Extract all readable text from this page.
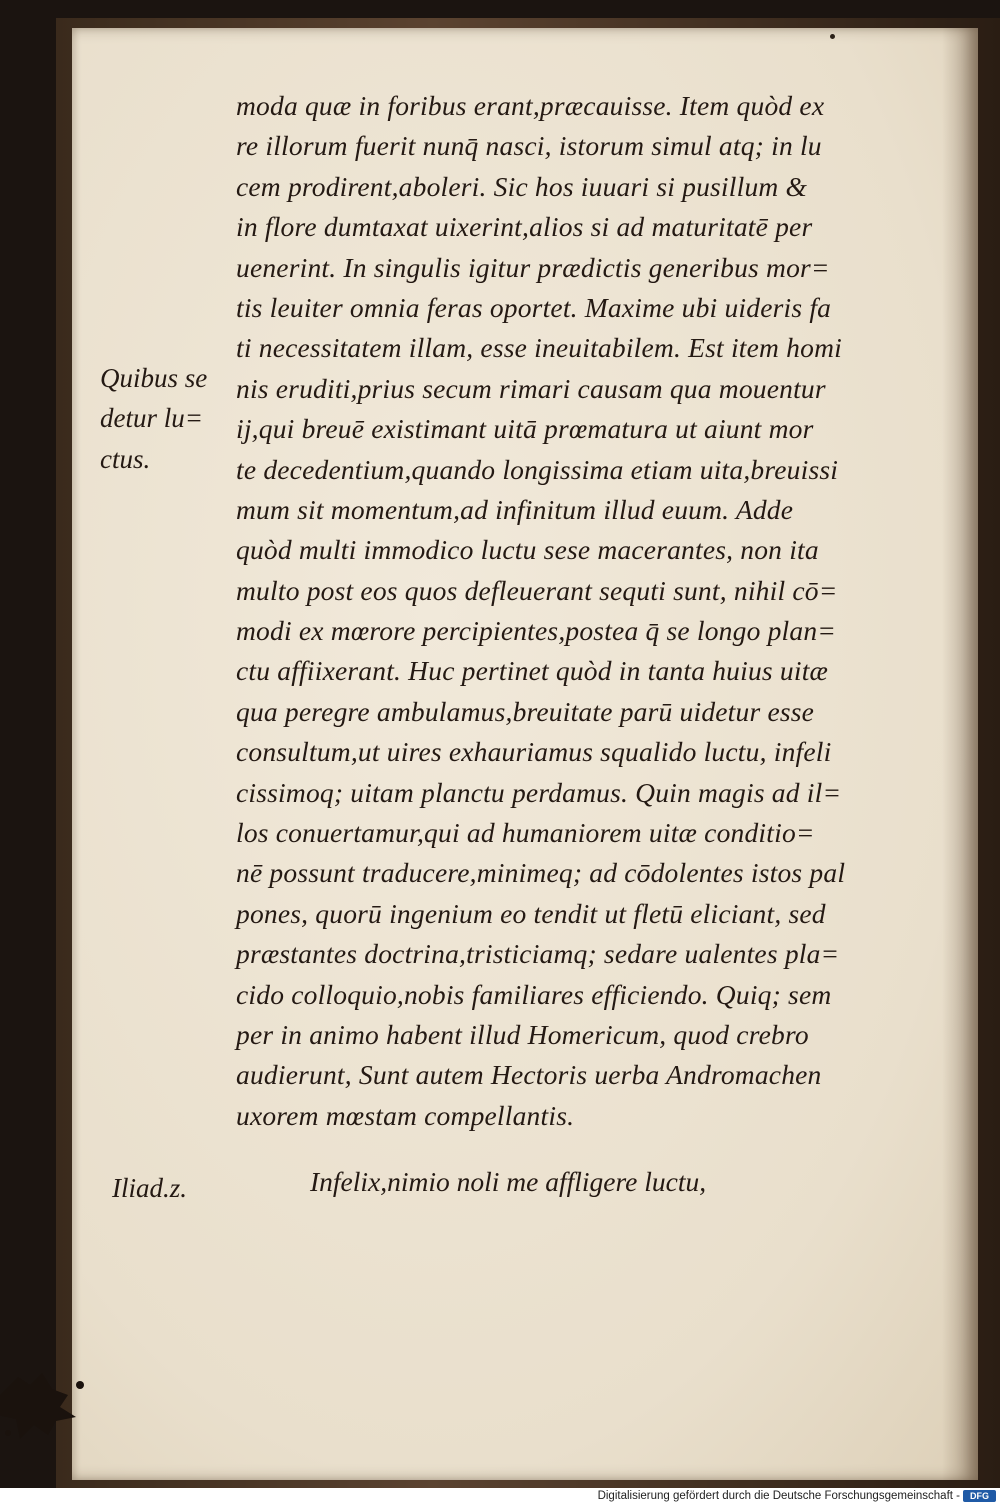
Quibus se
detur lu=
ctus.
moda quæ in foribus erant,præcauisse. Item quòd ex
re illorum fuerit nunq̄ nasci, istorum simul atq; in lu
cem prodirent,aboleri. Sic hos iuuari si pusillum &
in flore dumtaxat uixerint,alios si ad maturitatē per
uenerint. In singulis igitur prædictis generibus mor=
tis leuiter omnia feras oportet. Maxime ubi uideris fa
ti necessitatem illam, esse ineuitabilem. Est item homi
nis eruditi,prius secum rimari causam qua mouentur
ij,qui breuē existimant uitā prœmatura ut aiunt mor
te decedentium,quando longissima etiam uita,breuissi
mum sit momentum,ad infinitum illud euum. Adde
quòd multi immodico luctu sese macerantes, non ita
multo post eos quos defleuerant sequti sunt, nihil cō=
modi ex mœrore percipientes,postea q̄ se longo plan=
ctu affiixerant. Huc pertinet quòd in tanta huius uitæ
qua peregre ambulamus,breuitate parū uidetur esse
consultum,ut uires exhauriamus squalido luctu, infeli
cissimoq; uitam planctu perdamus. Quin magis ad il=
los conuertamur,qui ad humaniorem uitæ conditio=
nē possunt traducere,minimeq; ad cōdolentes istos pal
pones, quorū ingenium eo tendit ut fletū eliciant, sed
præstantes doctrina,tristiciamq; sedare ualentes pla=
cido colloquio,nobis familiares efficiendo. Quiq; sem
per in animo habent illud Homericum, quod crebro
audierunt, Sunt autem Hectoris uerba Andromachen
uxorem mœstam compellantis.
Iliad.z.	Infelix,nimio noli me affligere luctu,
Digitalisierung gefördert durch die Deutsche Forschungsgemeinschaft -	DFG
